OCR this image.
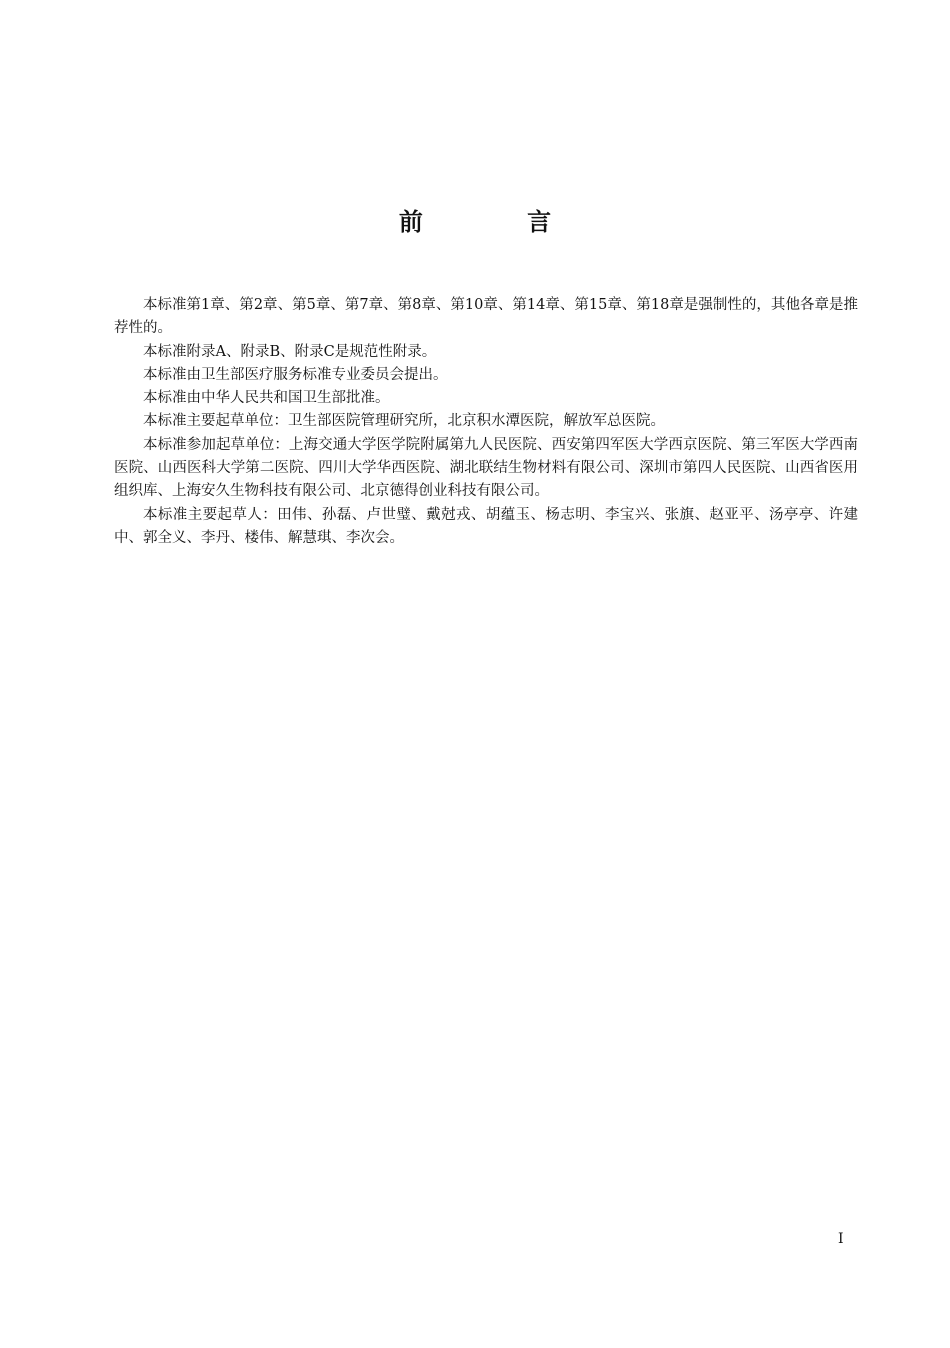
前 言

本标准第1章、第2章、第5章、第7章、第8章、第10章、第14章、第15章、第18章是强制性的，其他各章是推荐性的。

本标准附录A、附录B、附录C是规范性附录。

本标准由卫生部医疗服务标准专业委员会提出。

本标准由中华人民共和国卫生部批准。

本标准主要起草单位：卫生部医院管理研究所，北京积水潭医院，解放军总医院。

本标准参加起草单位：上海交通大学医学院附属第九人民医院、西安第四军医大学西京医院、第三军医大学西南医院、山西医科大学第二医院、四川大学华西医院、湖北联结生物材料有限公司、深圳市第四人民医院、山西省医用组织库、上海安久生物科技有限公司、北京德得创业科技有限公司。

本标准主要起草人：田伟、孙磊、卢世璧、戴尅戎、胡蕴玉、杨志明、李宝兴、张旗、赵亚平、汤亭亭、许建中、郭全义、李丹、楼伟、解慧琪、李次会。

I
